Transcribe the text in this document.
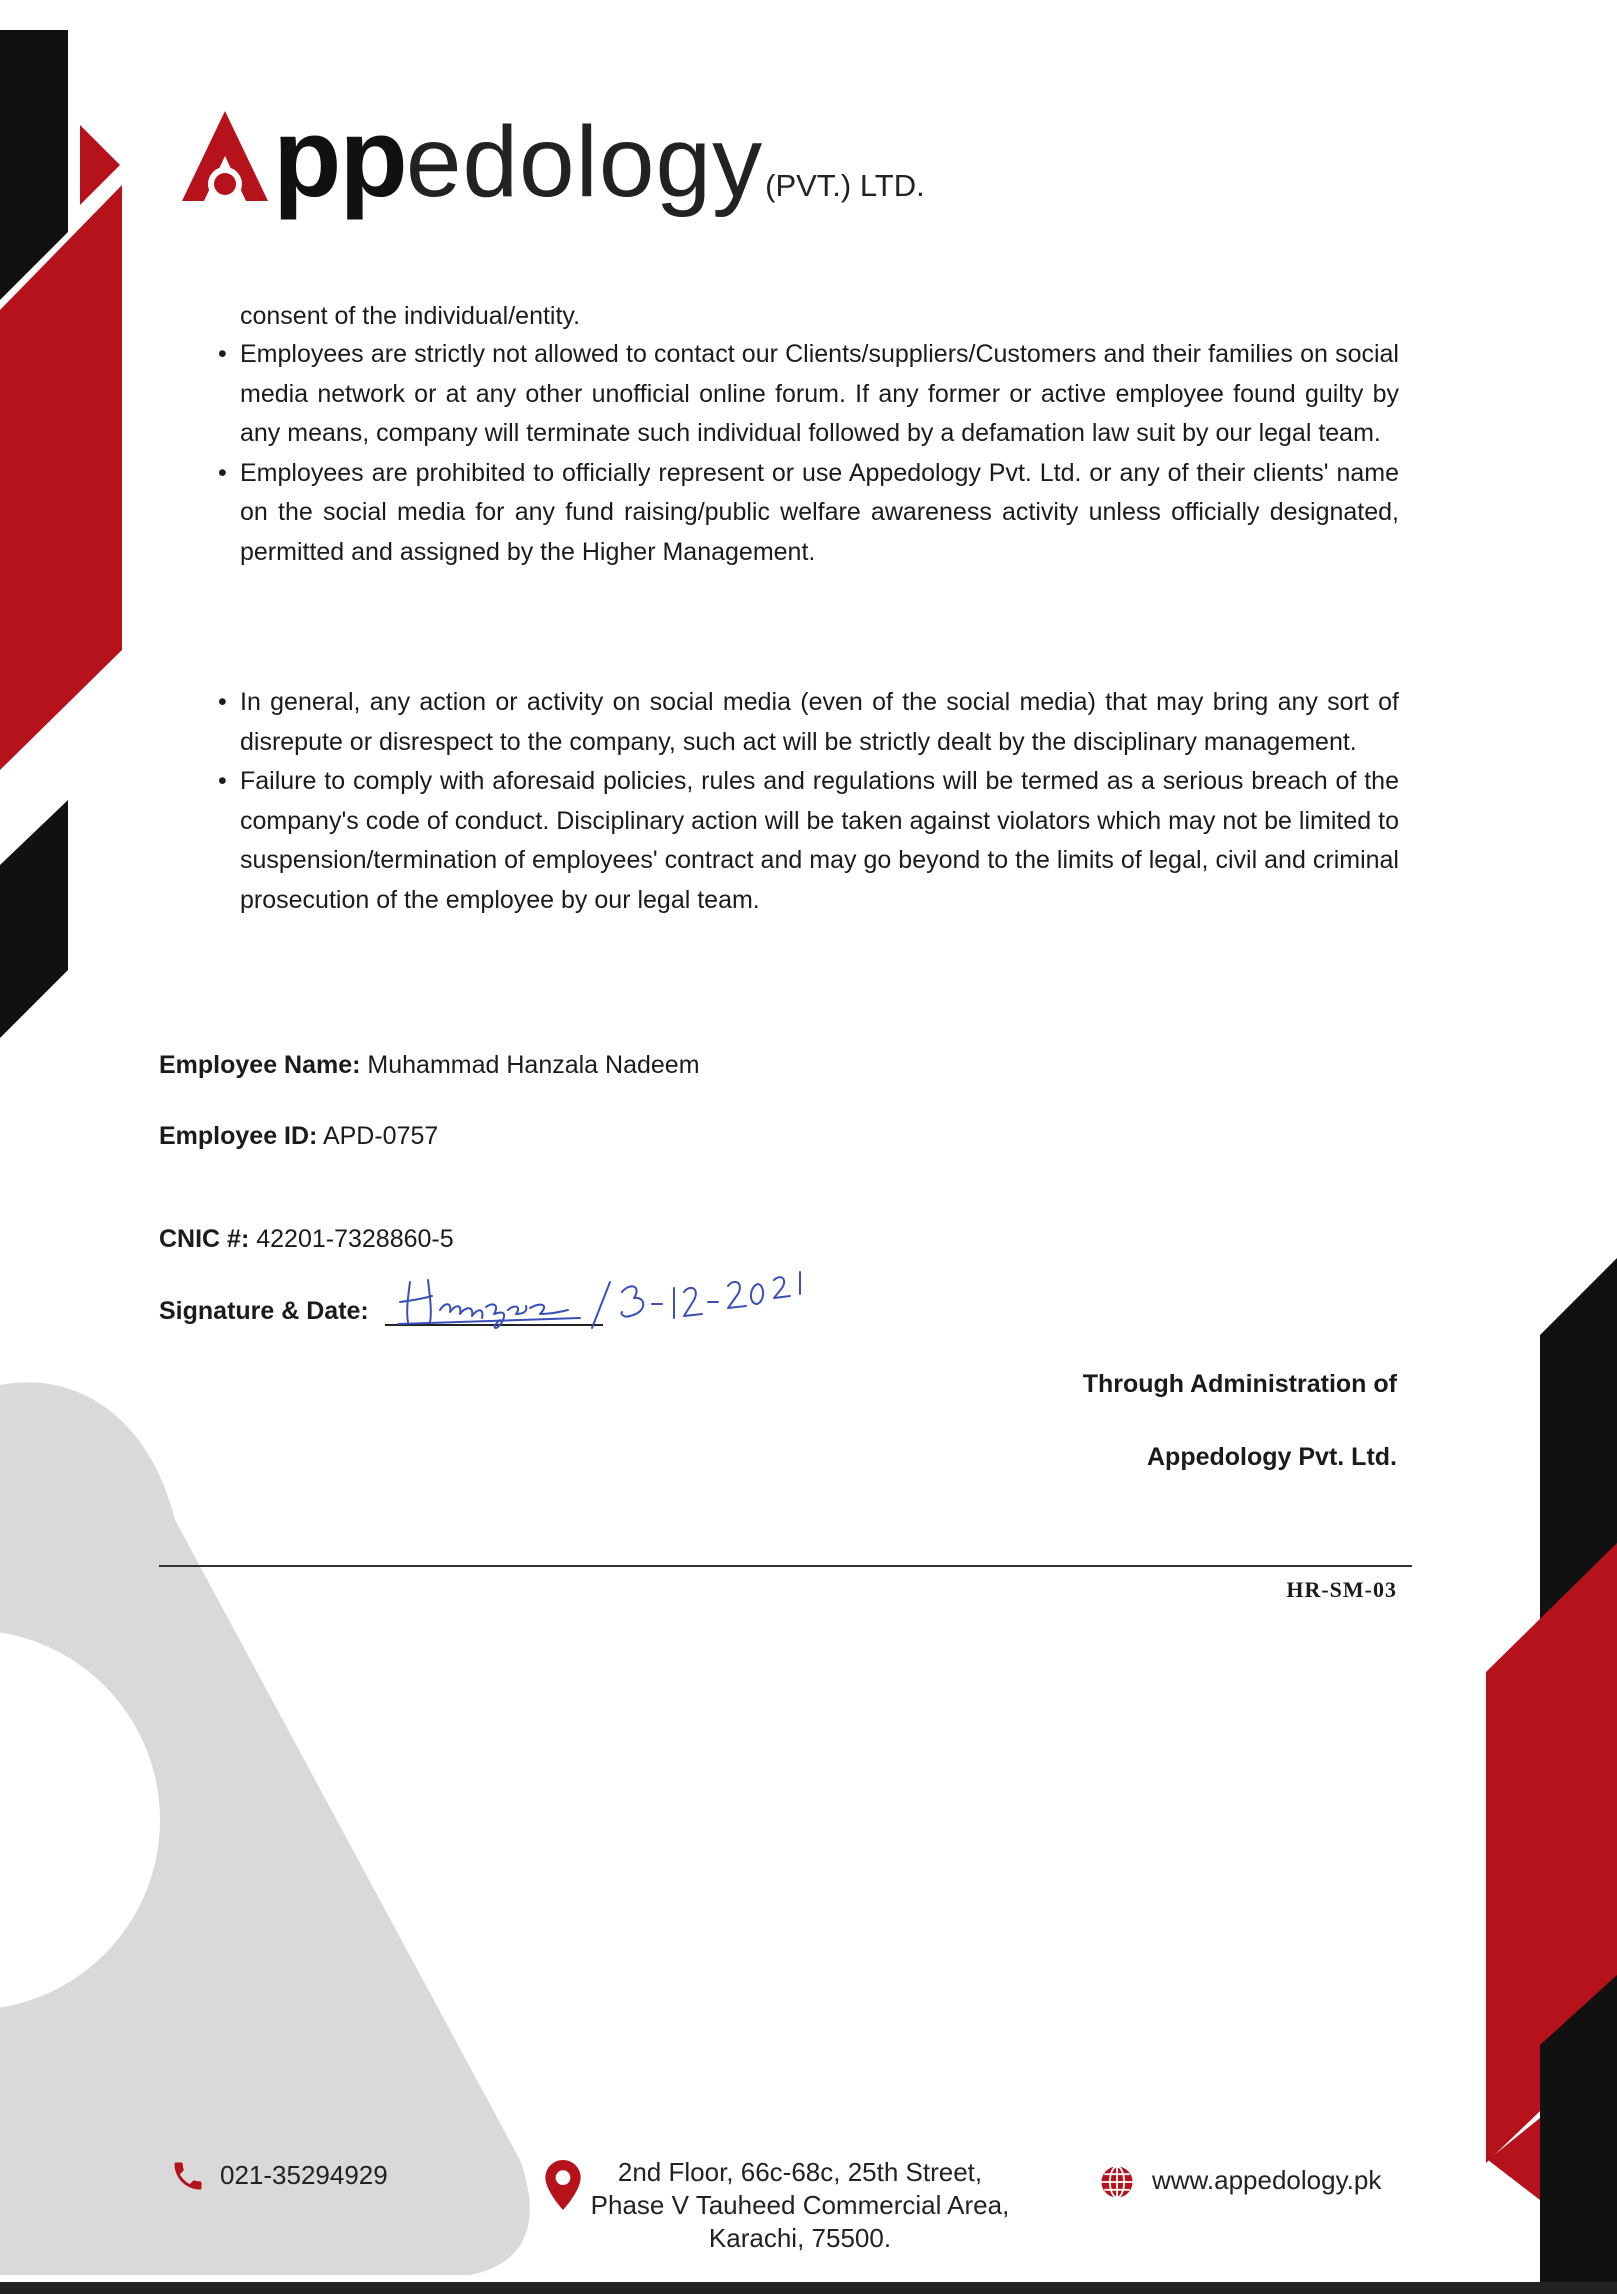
ppedology(PVT.) LTD.

consent of the individual/entity.

• Employees are strictly not allowed to contact our Clients/suppliers/Customers and their families on social media network or at any other unofficial online forum. If any former or active employee found guilty by any means, company will terminate such individual followed by a defamation law suit by our legal team.
• Employees are prohibited to officially represent or use Appedology Pvt. Ltd. or any of their clients' name on the social media for any fund raising/public welfare awareness activity unless officially designated, permitted and assigned by the Higher Management.
• In general, any action or activity on social media (even of the social media) that may bring any sort of disrepute or disrespect to the company, such act will be strictly dealt by the disciplinary management.
• Failure to comply with aforesaid policies, rules and regulations will be termed as a serious breach of the company's code of conduct. Disciplinary action will be taken against violators which may not be limited to suspension/termination of employees' contract and may go beyond to the limits of legal, civil and criminal prosecution of the employee by our legal team.
Employee Name: Muhammad Hanzala Nadeem
Employee ID: APD-0757
CNIC #: 42201-7328860-5
Signature & Date:
Through Administration of
Appedology Pvt. Ltd.
HR-SM-03
021-35294929	2nd Floor, 66c-68c, 25th Street,
Phase V Tauheed Commercial Area,
Karachi, 75500.
www.appedology.pk
